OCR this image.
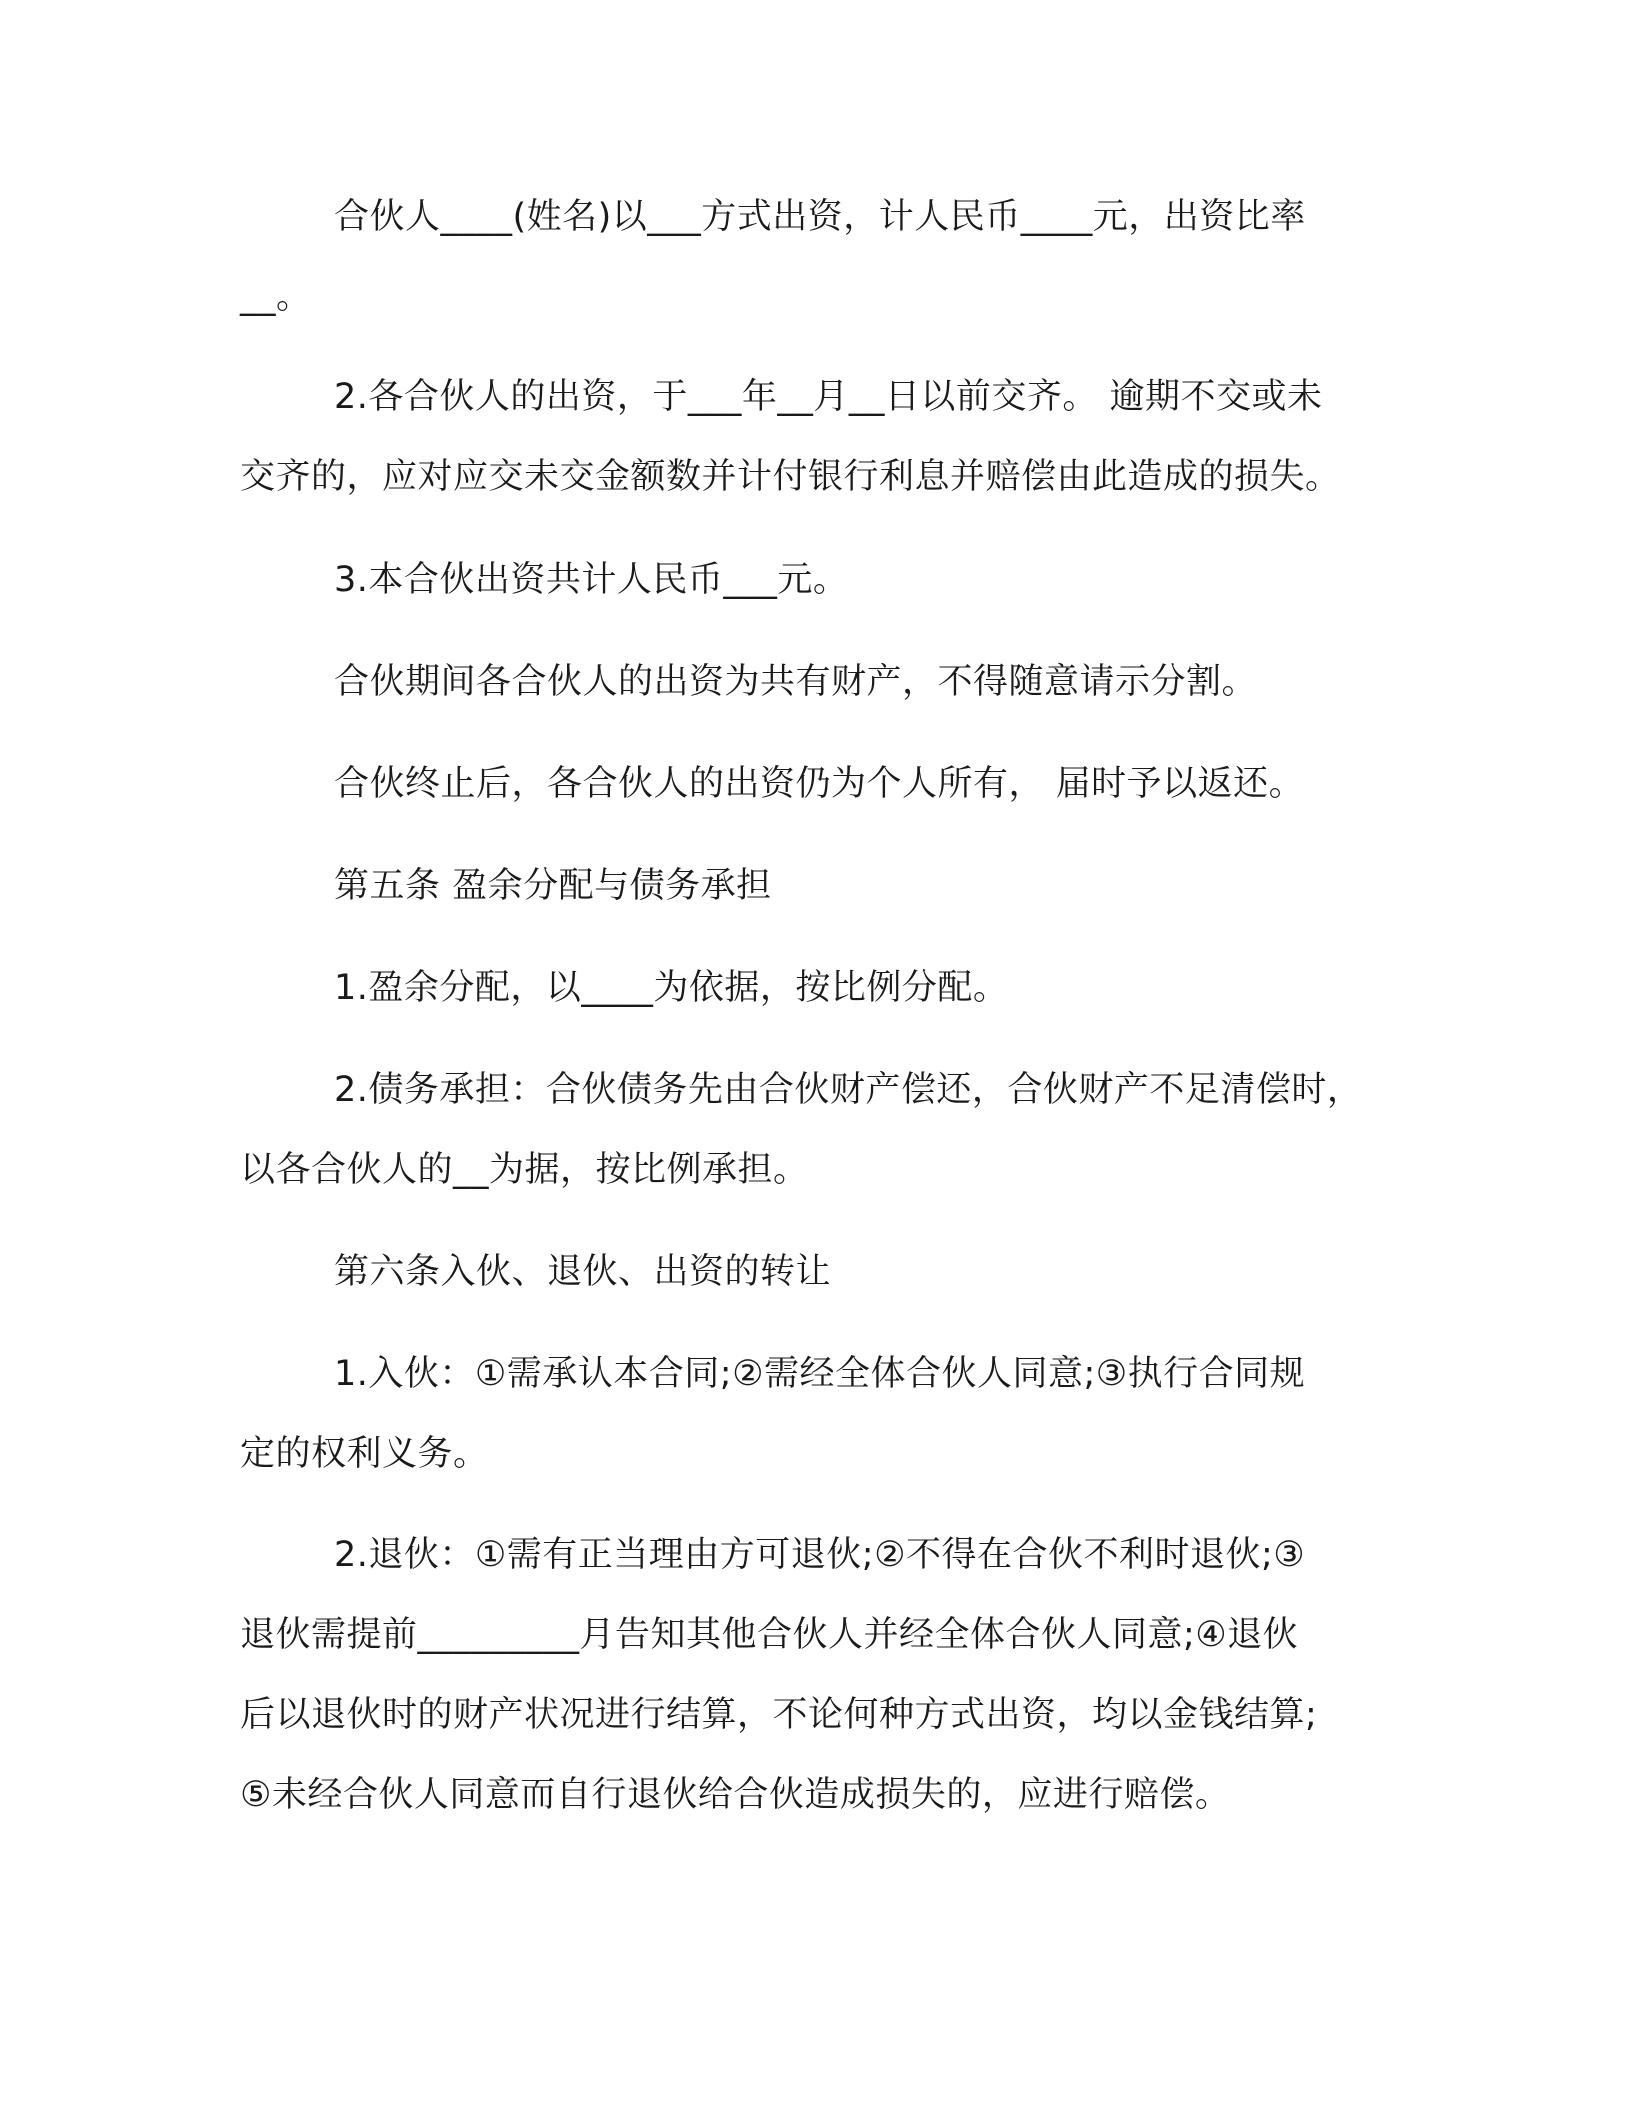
合伙人____(姓名)以___方式出资，计人民币____元，出资比率
__。
2.各合伙人的出资，于___年__月__日以前交齐。 逾期不交或未
交齐的，应对应交未交金额数并计付银行利息并赔偿由此造成的损失。
3.本合伙出资共计人民币___元。
合伙期间各合伙人的出资为共有财产，不得随意请示分割。
合伙终止后，各合伙人的出资仍为个人所有， 届时予以返还。
第五条 盈余分配与债务承担
1.盈余分配，以____为依据，按比例分配。
2.债务承担：合伙债务先由合伙财产偿还，合伙财产不足清偿时，
以各合伙人的__为据，按比例承担。
第六条入伙、退伙、出资的转让
1.入伙：①需承认本合同;②需经全体合伙人同意;③执行合同规
定的权利义务。
2.退伙：①需有正当理由方可退伙;②不得在合伙不利时退伙;③
退伙需提前_________月告知其他合伙人并经全体合伙人同意;④退伙
后以退伙时的财产状况进行结算，不论何种方式出资，均以金钱结算;
⑤未经合伙人同意而自行退伙给合伙造成损失的，应进行赔偿。
